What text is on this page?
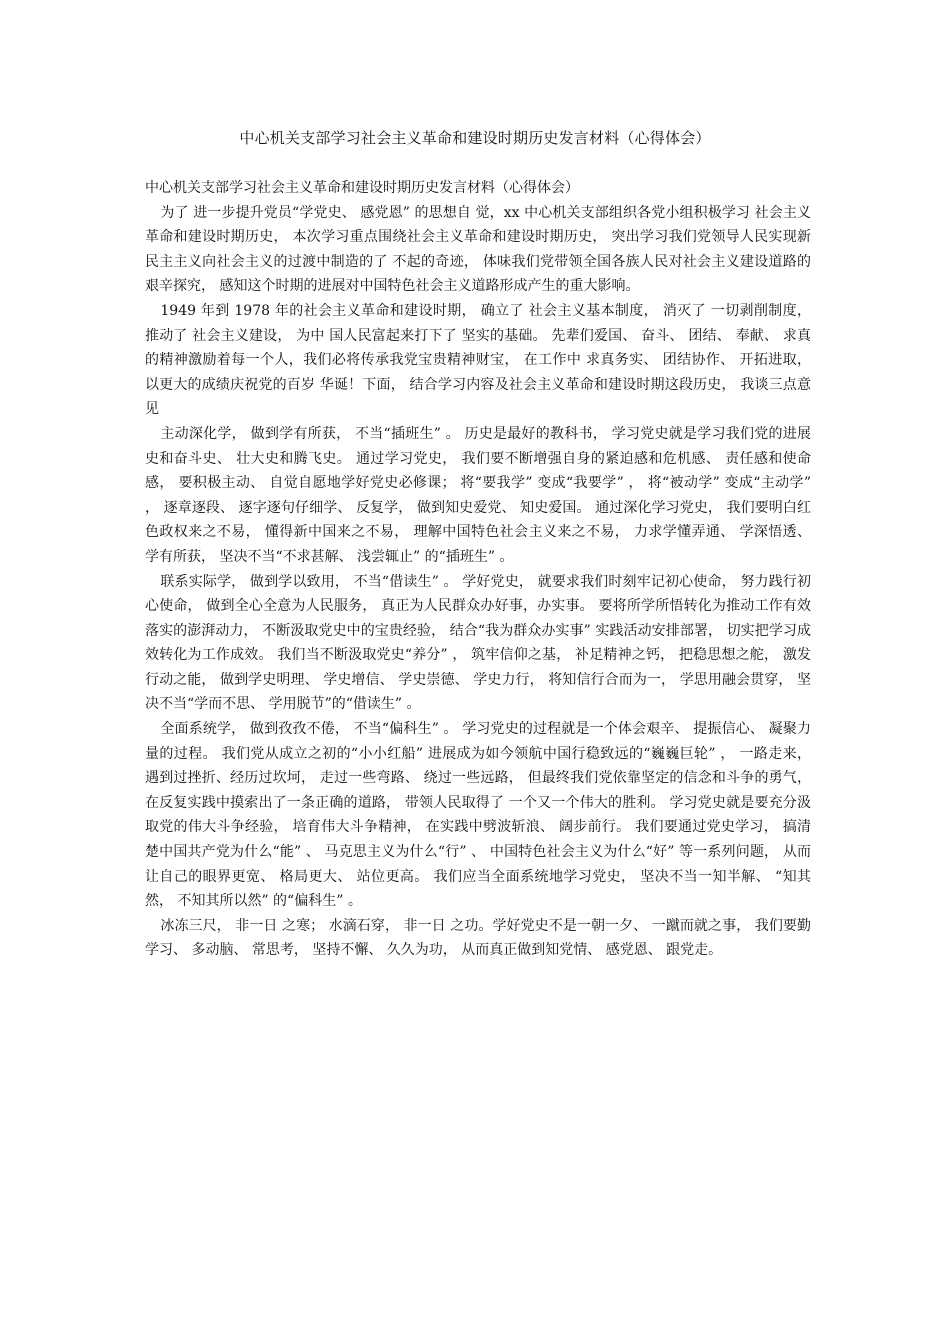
中心机关支部学习社会主义革命和建设时期历史发言材料（心得体会）

中心机关支部学习社会主义革命和建设时期历史发言材料（心得体会）

为了 进一步提升党员“学党史、 感党恩” 的思想自 觉，xx 中心机关支部组织各党小组积极学习 社会主义革命和建设时期历史， 本次学习重点围绕社会主义革命和建设时期历史， 突出学习我们党领导人民实现新民主主义向社会主义的过渡中制造的了 不起的奇迹， 体味我们党带领全国各族人民对社会主义建设道路的艰辛探究， 感知这个时期的进展对中国特色社会主义道路形成产生的重大影响。

1949 年到 1978 年的社会主义革命和建设时期， 确立了 社会主义基本制度， 消灭了 一切剥削制度， 推动了 社会主义建设， 为中 国人民富起来打下了 坚实的基础。 先辈们爱国、 奋斗、 团结、 奉献、 求真的精神激励着每一个人，我们必将传承我党宝贵精神财宝， 在工作中 求真务实、 团结协作、 开拓进取， 以更大的成绩庆祝党的百岁 华诞！下面， 结合学习内容及社会主义革命和建设时期这段历史， 我谈三点意见

主动深化学， 做到学有所获， 不当“插班生” 。 历史是最好的教科书， 学习党史就是学习我们党的进展史和奋斗史、 壮大史和腾飞史。 通过学习党史， 我们要不断增强自身的紧迫感和危机感、 责任感和使命感， 要积极主动、 自觉自愿地学好党史必修课； 将“要我学” 变成“我要学” ， 将“被动学” 变成“主动学” ， 逐章逐段、 逐字逐句仔细学、 反复学， 做到知史爱党、 知史爱国。 通过深化学习党史， 我们要明白红色政权来之不易， 懂得新中国来之不易， 理解中国特色社会主义来之不易， 力求学懂弄通、 学深悟透、 学有所获， 坚决不当“不求甚解、 浅尝辄止” 的“插班生” 。

联系实际学， 做到学以致用， 不当“借读生” 。 学好党史， 就要求我们时刻牢记初心使命， 努力践行初心使命， 做到全心全意为人民服务， 真正为人民群众办好事，办实事。 要将所学所悟转化为推动工作有效落实的澎湃动力， 不断汲取党史中的宝贵经验， 结合“我为群众办实事” 实践活动安排部署， 切实把学习成效转化为工作成效。 我们当不断汲取党史“养分” ， 筑牢信仰之基， 补足精神之钙， 把稳思想之舵， 激发行动之能， 做到学史明理、 学史增信、 学史崇德、 学史力行， 将知信行合而为一， 学思用融会贯穿， 坚决不当“学而不思、 学用脱节”的“借读生” 。

全面系统学， 做到孜孜不倦， 不当“偏科生” 。 学习党史的过程就是一个体会艰辛、 提振信心、 凝聚力量的过程。 我们党从成立之初的“小小红船” 进展成为如今领航中国行稳致远的“巍巍巨轮” ， 一路走来， 遇到过挫折、经历过坎坷， 走过一些弯路、 绕过一些远路， 但最终我们党依靠坚定的信念和斗争的勇气， 在反复实践中摸索出了一条正确的道路， 带领人民取得了 一个又一个伟大的胜利。 学习党史就是要充分汲取党的伟大斗争经验， 培育伟大斗争精神， 在实践中劈波斩浪、 阔步前行。 我们要通过党史学习， 搞清楚中国共产党为什么“能” 、 马克思主义为什么“行” 、 中国特色社会主义为什么“好” 等一系列问题， 从而让自己的眼界更宽、 格局更大、 站位更高。 我们应当全面系统地学习党史， 坚决不当一知半解、 “知其然， 不知其所以然” 的“偏科生” 。

冰冻三尺， 非一日 之寒； 水滴石穿， 非一日 之功。学好党史不是一朝一夕、 一蹴而就之事， 我们要勤学习、 多动脑、 常思考， 坚持不懈、 久久为功， 从而真正做到知党情、 感党恩、 跟党走。
